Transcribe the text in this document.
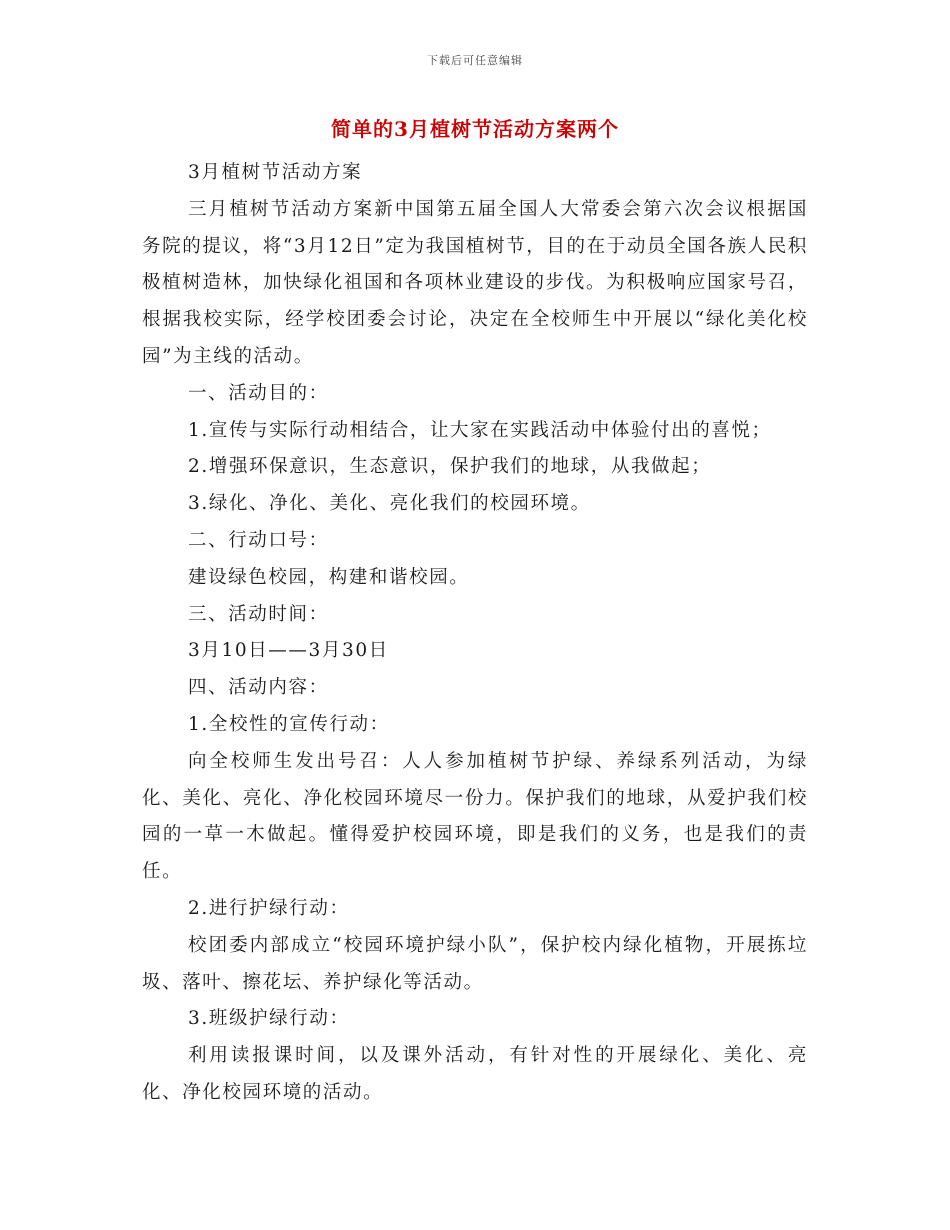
下载后可任意编辑
简单的3月植树节活动方案两个

3月植树节活动方案

三月植树节活动方案新中国第五届全国人大常委会第六次会议根据国务院的提议，将“3月12日”定为我国植树节，目的在于动员全国各族人民积极植树造林，加快绿化祖国和各项林业建设的步伐。为积极响应国家号召，根据我校实际，经学校团委会讨论，决定在全校师生中开展以“绿化美化校园”为主线的活动。

一、活动目的：

1.宣传与实际行动相结合，让大家在实践活动中体验付出的喜悦；

2.增强环保意识，生态意识，保护我们的地球，从我做起；

3.绿化、净化、美化、亮化我们的校园环境。

二、行动口号：

建设绿色校园，构建和谐校园。

三、活动时间：

3月10日——3月30日

四、活动内容：

1.全校性的宣传行动：

向全校师生发出号召：人人参加植树节护绿、养绿系列活动，为绿化、美化、亮化、净化校园环境尽一份力。保护我们的地球，从爱护我们校园的一草一木做起。懂得爱护校园环境，即是我们的义务，也是我们的责任。

2.进行护绿行动：

校团委内部成立“校园环境护绿小队”，保护校内绿化植物，开展拣垃圾、落叶、擦花坛、养护绿化等活动。

3.班级护绿行动：

利用读报课时间，以及课外活动，有针对性的开展绿化、美化、亮化、净化校园环境的活动。
